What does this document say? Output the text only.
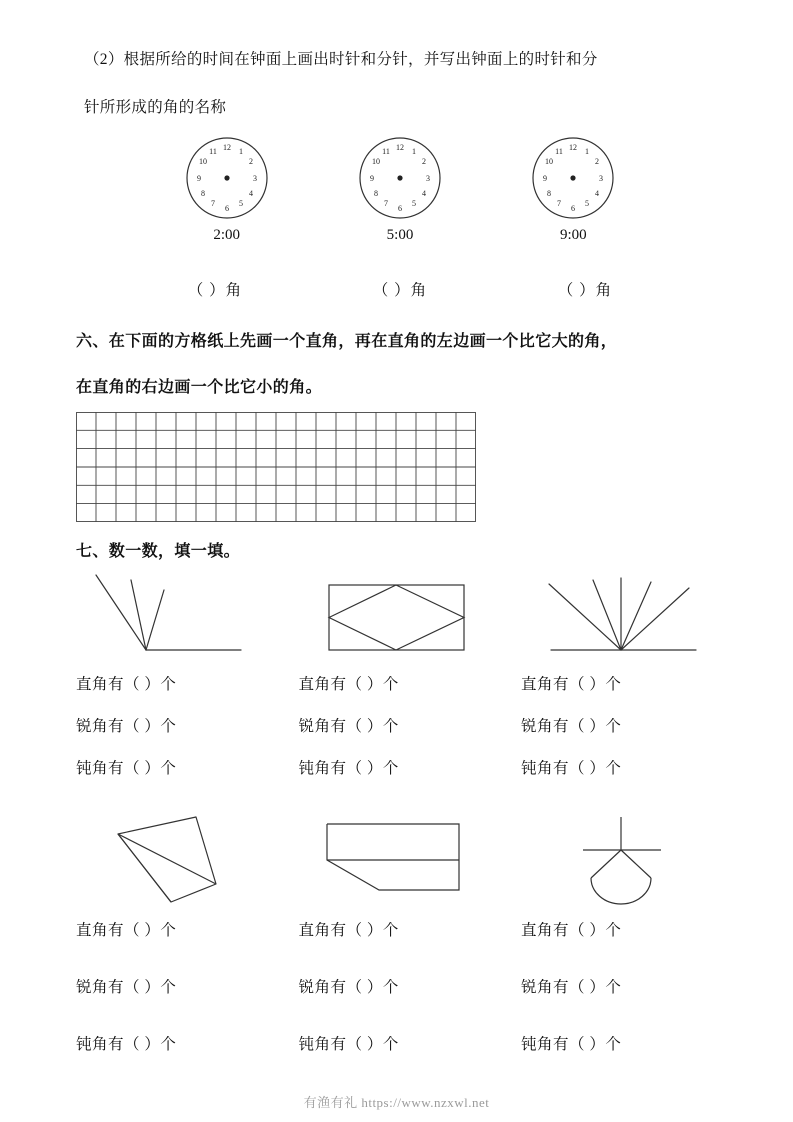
（2）根据所给的时间在钟面上画出时针和分针，并写出钟面上的时针和分
针所形成的角的名称
12 1
2
3
4
5
6
7
8
9
10
11
2:00
12 1
2
3
4
5
6
7
8
9
10
11
5:00
12 1
2
3
4
5
6
7
8
9
10
11
9:00
（ ）角	（ ）角	（ ）角
六、在下面的方格纸上先画一个直角，再在直角的左边画一个比它大的角，
在直角的右边画一个比它小的角。
七、数一数，填一填。
直角有（ ）个	直角有（ ）个	直角有（ ）个
锐角有（ ）个	锐角有（ ）个	锐角有（ ）个
钝角有（ ）个	钝角有（ ）个	钝角有（ ）个
直角有（ ）个	直角有（ ）个	直角有（ ）个
锐角有（ ）个	锐角有（ ）个	锐角有（ ）个
钝角有（ ）个	钝角有（ ）个	钝角有（ ）个
有渔有礼 https://www.nzxwl.net
